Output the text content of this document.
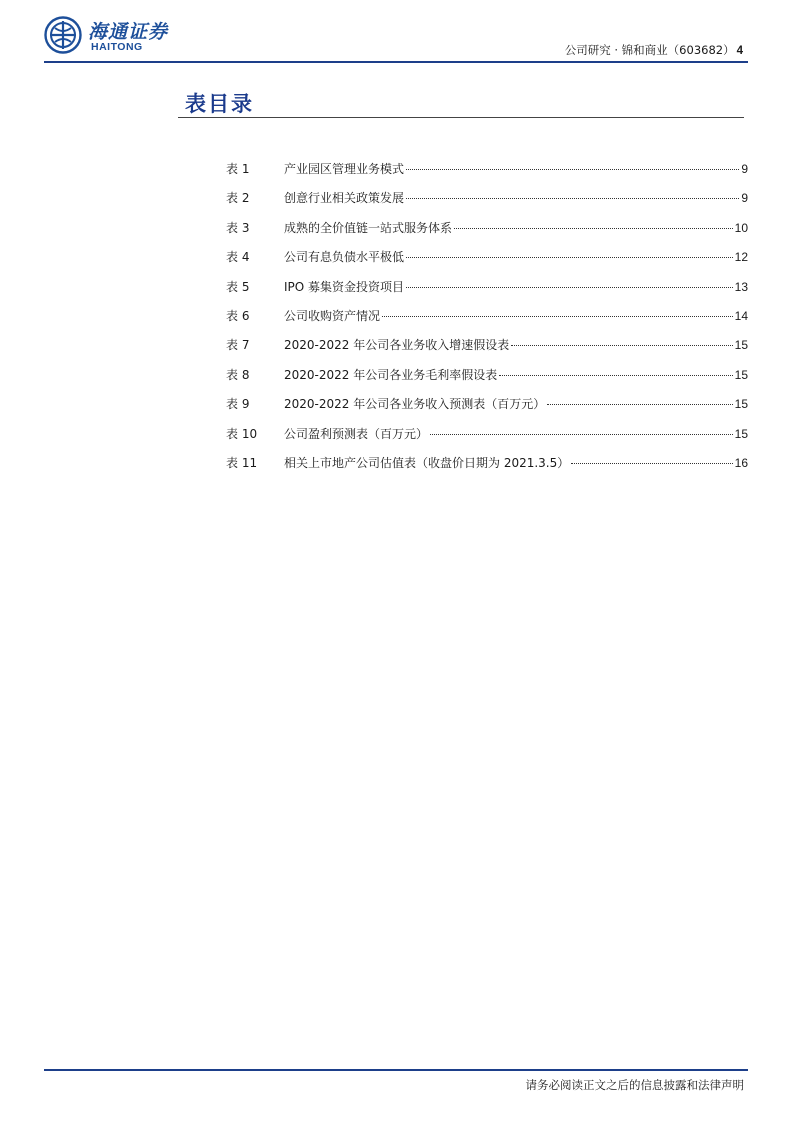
海通证券
HAITONG	公司研究 · 锦和商业（603682） 4
表目录
表 1	产业园区管理业务模式	9
表 2	创意行业相关政策发展	9
表 3	成熟的全价值链一站式服务体系	10
表 4	公司有息负债水平极低	12
表 5	IPO 募集资金投资项目	13
表 6	公司收购资产情况	14
表 7	2020-2022 年公司各业务收入增速假设表	15
表 8	2020-2022 年公司各业务毛利率假设表	15
表 9	2020-2022 年公司各业务收入预测表（百万元）	15
表 10	公司盈利预测表（百万元）	15
表 11	相关上市地产公司估值表（收盘价日期为 2021.3.5）	16
请务必阅读正文之后的信息披露和法律声明
